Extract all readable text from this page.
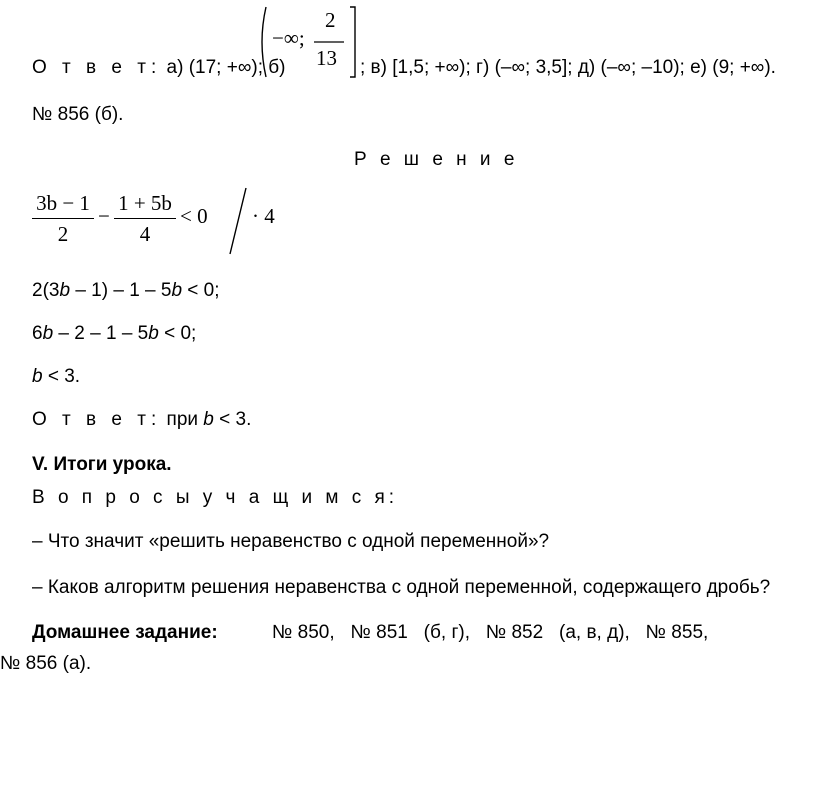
О т в е т: а) (17; +∞); б)
−∞;
2
13 ; в) [1,5; +∞); г) (–∞; 3,5]; д) (–∞; –10); е) (9; +∞).
№ 856 (б).
Р е ш е н и е
3b − 1
2
−
1 + 5b
4
< 0 · 4
2(3b – 1) – 1 – 5b < 0;
6b – 2 – 1 – 5b < 0;
b < 3.
О т в е т: при b < 3.
V. Итоги урока.
В о п р о с ы у ч а щ и м с я:
– Что значит «решить неравенство с одной переменной»?
– Каков алгоритм решения неравенства с одной переменной, содержащего дробь?
Домашнее задание:	№ 850,   № 851   (б, г),   № 852   (а, в, д),   № 855,
№ 856 (а).
